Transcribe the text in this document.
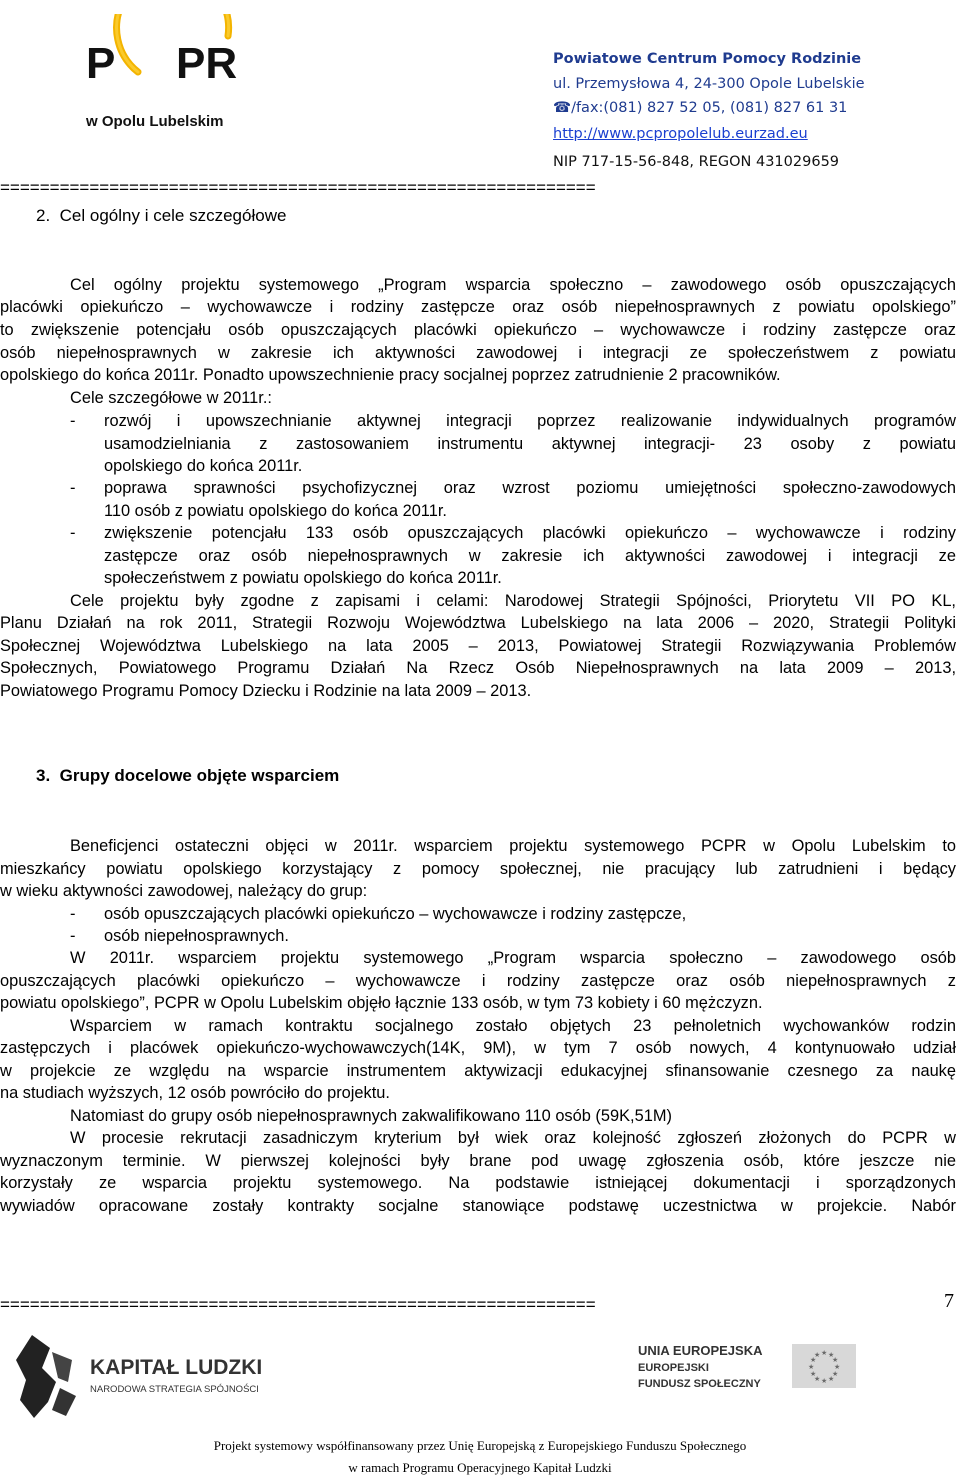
P PR
w Opolu Lubelskim
Powiatowe Centrum Pomocy Rodzinie
ul. Przemysłowa 4, 24-300 Opole Lubelskie
☎/fax:(081) 827 52 05, (081) 827 61 31
http://www.pcpropolelub.eurzad.eu
NIP 717-15-56-848, REGON 431029659
============================================================
2. Cel ogólny i cele szczegółowe
Cel ogólny projektu systemowego „Program wsparcia społeczno – zawodowego osób opuszczających
placówki opiekuńczo – wychowawcze i rodziny zastępcze oraz osób niepełnosprawnych z powiatu opolskiego”
to zwiększenie potencjału osób opuszczających placówki opiekuńczo – wychowawcze i rodziny zastępcze oraz
osób niepełnosprawnych w zakresie ich aktywności zawodowej i integracji ze społeczeństwem z powiatu
opolskiego do końca 2011r. Ponadto upowszechnienie pracy socjalnej poprzez zatrudnienie 2 pracowników.
Cele szczegółowe w 2011r.:
- rozwój i upowszechnianie aktywnej integracji poprzez realizowanie indywidualnych programów
usamodzielniania z zastosowaniem instrumentu aktywnej integracji- 23 osoby z powiatu
opolskiego do końca 2011r.
- poprawa sprawności psychofizycznej oraz wzrost poziomu umiejętności społeczno-zawodowych
110 osób z powiatu opolskiego do końca 2011r.
- zwiększenie potencjału 133 osób opuszczających placówki opiekuńczo – wychowawcze i rodziny
zastępcze oraz osób niepełnosprawnych w zakresie ich aktywności zawodowej i integracji ze
społeczeństwem z powiatu opolskiego do końca 2011r.
Cele projektu były zgodne z zapisami i celami: Narodowej Strategii Spójności, Priorytetu VII PO KL,
Planu Działań na rok 2011, Strategii Rozwoju Województwa Lubelskiego na lata 2006 – 2020, Strategii Polityki
Społecznej Województwa Lubelskiego na lata 2005 – 2013, Powiatowej Strategii Rozwiązywania Problemów
Społecznych, Powiatowego Programu Działań Na Rzecz Osób Niepełnosprawnych na lata 2009 – 2013,
Powiatowego Programu Pomocy Dziecku i Rodzinie na lata 2009 – 2013.
3. Grupy docelowe objęte wsparciem
Beneficjenci ostateczni objęci w 2011r. wsparciem projektu systemowego PCPR w Opolu Lubelskim to
mieszkańcy powiatu opolskiego korzystający z pomocy społecznej, nie pracujący lub zatrudnieni i będący
w wieku aktywności zawodowej, należący do grup:
- osób opuszczających placówki opiekuńczo – wychowawcze i rodziny zastępcze,
- osób niepełnosprawnych.
W 2011r. wsparciem projektu systemowego „Program wsparcia społeczno – zawodowego osób
opuszczających placówki opiekuńczo – wychowawcze i rodziny zastępcze oraz osób niepełnosprawnych z
powiatu opolskiego”, PCPR w Opolu Lubelskim objęło łącznie 133 osób, w tym 73 kobiety i 60 mężczyzn.
Wsparciem w ramach kontraktu socjalnego zostało objętych 23 pełnoletnich wychowanków rodzin
zastępczych i placówek opiekuńczo-wychowawczych(14K, 9M), w tym 7 osób nowych, 4 kontynuowało udział
w projekcie ze względu na wsparcie instrumentem aktywizacji edukacyjnej sfinansowanie czesnego za naukę
na studiach wyższych, 12 osób powróciło do projektu.
Natomiast do grupy osób niepełnosprawnych zakwalifikowano 110 osób (59K,51M)
W procesie rekrutacji zasadniczym kryterium był wiek oraz kolejność zgłoszeń złożonych do PCPR w
wyznaczonym terminie. W pierwszej kolejności były brane pod uwagę zgłoszenia osób, które jeszcze nie
korzystały ze wsparcia projektu systemowego. Na podstawie istniejącej dokumentacji i sporządzonych
wywiadów opracowane zostały kontrakty socjalne stanowiące podstawę uczestnictwa w projekcie. Nabór
============================================================	7
KAPITAŁ LUDZKI
NARODOWA STRATEGIA SPÓJNOŚCI
UNIA EUROPEJSKA
EUROPEJSKI
FUNDUSZ SPOŁECZNY
★ ★
★
★
★
★
★
★
★
★
★
★
Projekt systemowy współfinansowany przez Unię Europejską z Europejskiego Funduszu Społecznego
w ramach Programu Operacyjnego Kapitał Ludzki
